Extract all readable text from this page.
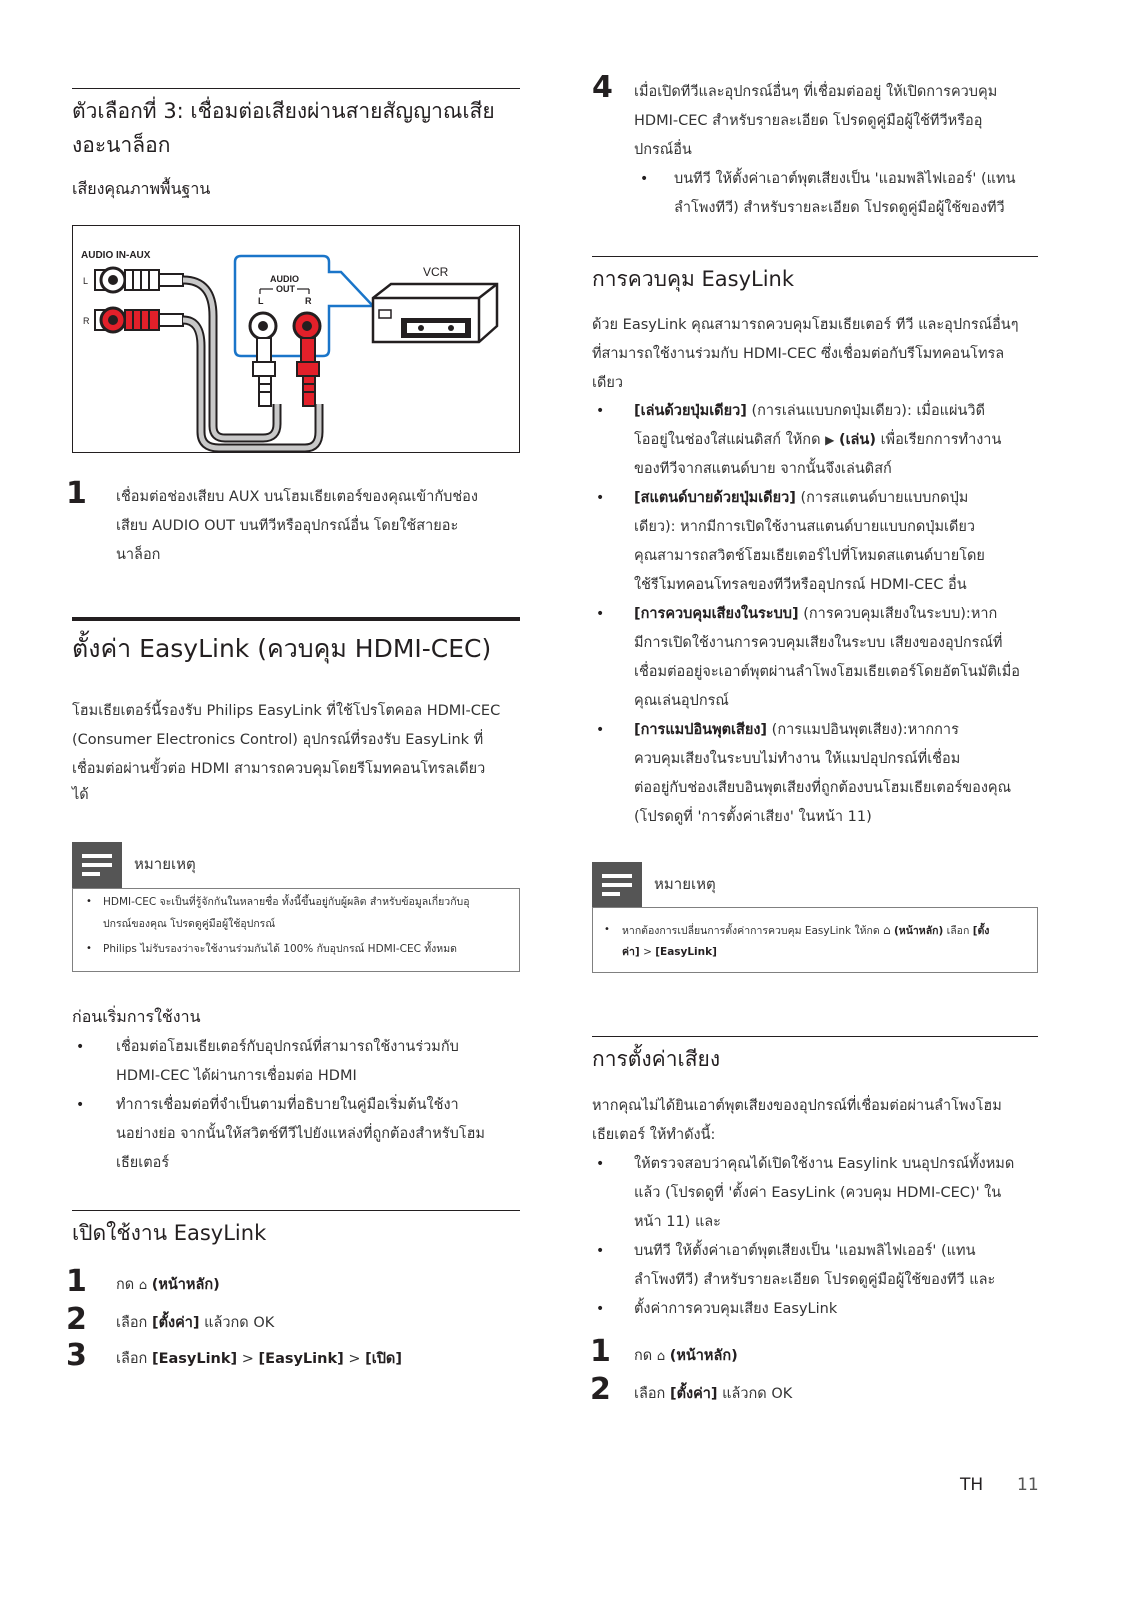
ตัวเลือกที่ 3: เชื่อมต่อเสียงผ่านสายสัญญาณเสีย
งอะนาล็อก
เสียงคุณภาพพื้นฐาน
AUDIO IN-AUX
L
R
AUDIO
OUT
L	R
VCR
1 เชื่อมต่อช่องเสียบ AUX บนโฮมเธียเตอร์ของคุณเข้ากับช่อง
เสียบ AUDIO OUT บนทีวีหรืออุปกรณ์อื่น โดยใช้สายอะ
นาล็อก
ตั้งค่า EasyLink (ควบคุม HDMI-CEC)
โฮมเธียเตอร์นี้รองรับ Philips EasyLink ที่ใช้โปรโตคอล HDMI-CEC
(Consumer Electronics Control) อุปกรณ์ที่รองรับ EasyLink ที่
เชื่อมต่อผ่านขั้วต่อ HDMI สามารถควบคุมโดยรีโมทคอนโทรลเดียว
ได้
หมายเหตุ
• HDMI-CEC จะเป็นที่รู้จักกันในหลายชื่อ ทั้งนี้ขึ้นอยู่กับผู้ผลิต สำหรับข้อมูลเกี่ยวกับอุ
ปกรณ์ของคุณ โปรดดูคู่มือผู้ใช้อุปกรณ์
• Philips ไม่รับรองว่าจะใช้งานร่วมกันได้ 100% กับอุปกรณ์ HDMI-CEC ทั้งหมด
ก่อนเริ่มการใช้งาน
• เชื่อมต่อโฮมเธียเตอร์กับอุปกรณ์ที่สามารถใช้งานร่วมกับ
HDMI-CEC ได้ผ่านการเชื่อมต่อ HDMI
• ทำการเชื่อมต่อที่จำเป็นตามที่อธิบายในคู่มือเริ่มต้นใช้งา
นอย่างย่อ จากนั้นให้สวิตช์ทีวีไปยังแหล่งที่ถูกต้องสำหรับโฮม
เธียเตอร์
เปิดใช้งาน EasyLink
1 กด ⌂ (หน้าหลัก)
2 เลือก [ตั้งค่า] แล้วกด OK
3 เลือก [EasyLink] > [EasyLink] > [เปิด]
4 เมื่อเปิดทีวีและอุปกรณ์อื่นๆ ที่เชื่อมต่ออยู่ ให้เปิดการควบคุม
HDMI-CEC สำหรับรายละเอียด โปรดดูคู่มือผู้ใช้ทีวีหรืออุ
ปกรณ์อื่น
• บนทีวี ให้ตั้งค่าเอาต์พุตเสียงเป็น 'แอมพลิไฟเออร์' (แทน
ลำโพงทีวี) สำหรับรายละเอียด โปรดดูคู่มือผู้ใช้ของทีวี
การควบคุม EasyLink
ด้วย EasyLink คุณสามารถควบคุมโฮมเธียเตอร์ ทีวี และอุปกรณ์อื่นๆ
ที่สามารถใช้งานร่วมกับ HDMI-CEC ซึ่งเชื่อมต่อกับรีโมทคอนโทรล
เดียว
• [เล่นด้วยปุ่มเดียว] (การเล่นแบบกดปุ่มเดียว): เมื่อแผ่นวิดี
โออยู่ในช่องใส่แผ่นดิสก์ ให้กด ▶ (เล่น) เพื่อเรียกการทำงาน
ของทีวีจากสแตนด์บาย จากนั้นจึงเล่นดิสก์
• [สแตนด์บายด้วยปุ่มเดียว] (การสแตนด์บายแบบกดปุ่ม
เดียว): หากมีการเปิดใช้งานสแตนด์บายแบบกดปุ่มเดียว
คุณสามารถสวิตช์โฮมเธียเตอร์ไปที่โหมดสแตนด์บายโดย
ใช้รีโมทคอนโทรลของทีวีหรืออุปกรณ์ HDMI-CEC อื่น
• [การควบคุมเสียงในระบบ] (การควบคุมเสียงในระบบ):หาก
มีการเปิดใช้งานการควบคุมเสียงในระบบ เสียงของอุปกรณ์ที่
เชื่อมต่ออยู่จะเอาต์พุตผ่านลำโพงโฮมเธียเตอร์โดยอัตโนมัติเมื่อ
คุณเล่นอุปกรณ์
• [การแมปอินพุตเสียง] (การแมปอินพุตเสียง):หากการ
ควบคุมเสียงในระบบไม่ทำงาน ให้แมปอุปกรณ์ที่เชื่อม
ต่ออยู่กับช่องเสียบอินพุตเสียงที่ถูกต้องบนโฮมเธียเตอร์ของคุณ
(โปรดดูที่ 'การตั้งค่าเสียง' ในหน้า 11)
หมายเหตุ
• หากต้องการเปลี่ยนการตั้งค่าการควบคุม EasyLink ให้กด ⌂ (หน้าหลัก) เลือก [ตั้ง
ค่า] > [EasyLink]
การตั้งค่าเสียง
หากคุณไม่ได้ยินเอาต์พุตเสียงของอุปกรณ์ที่เชื่อมต่อผ่านลำโพงโฮม
เธียเตอร์ ให้ทำดังนี้:
• ให้ตรวจสอบว่าคุณได้เปิดใช้งาน Easylink บนอุปกรณ์ทั้งหมด
แล้ว (โปรดดูที่ 'ตั้งค่า EasyLink (ควบคุม HDMI-CEC)' ใน
หน้า 11) และ
• บนทีวี ให้ตั้งค่าเอาต์พุตเสียงเป็น 'แอมพลิไฟเออร์' (แทน
ลำโพงทีวี) สำหรับรายละเอียด โปรดดูคู่มือผู้ใช้ของทีวี และ
• ตั้งค่าการควบคุมเสียง EasyLink
1 กด ⌂ (หน้าหลัก)
2 เลือก [ตั้งค่า] แล้วกด OK
TH 11
